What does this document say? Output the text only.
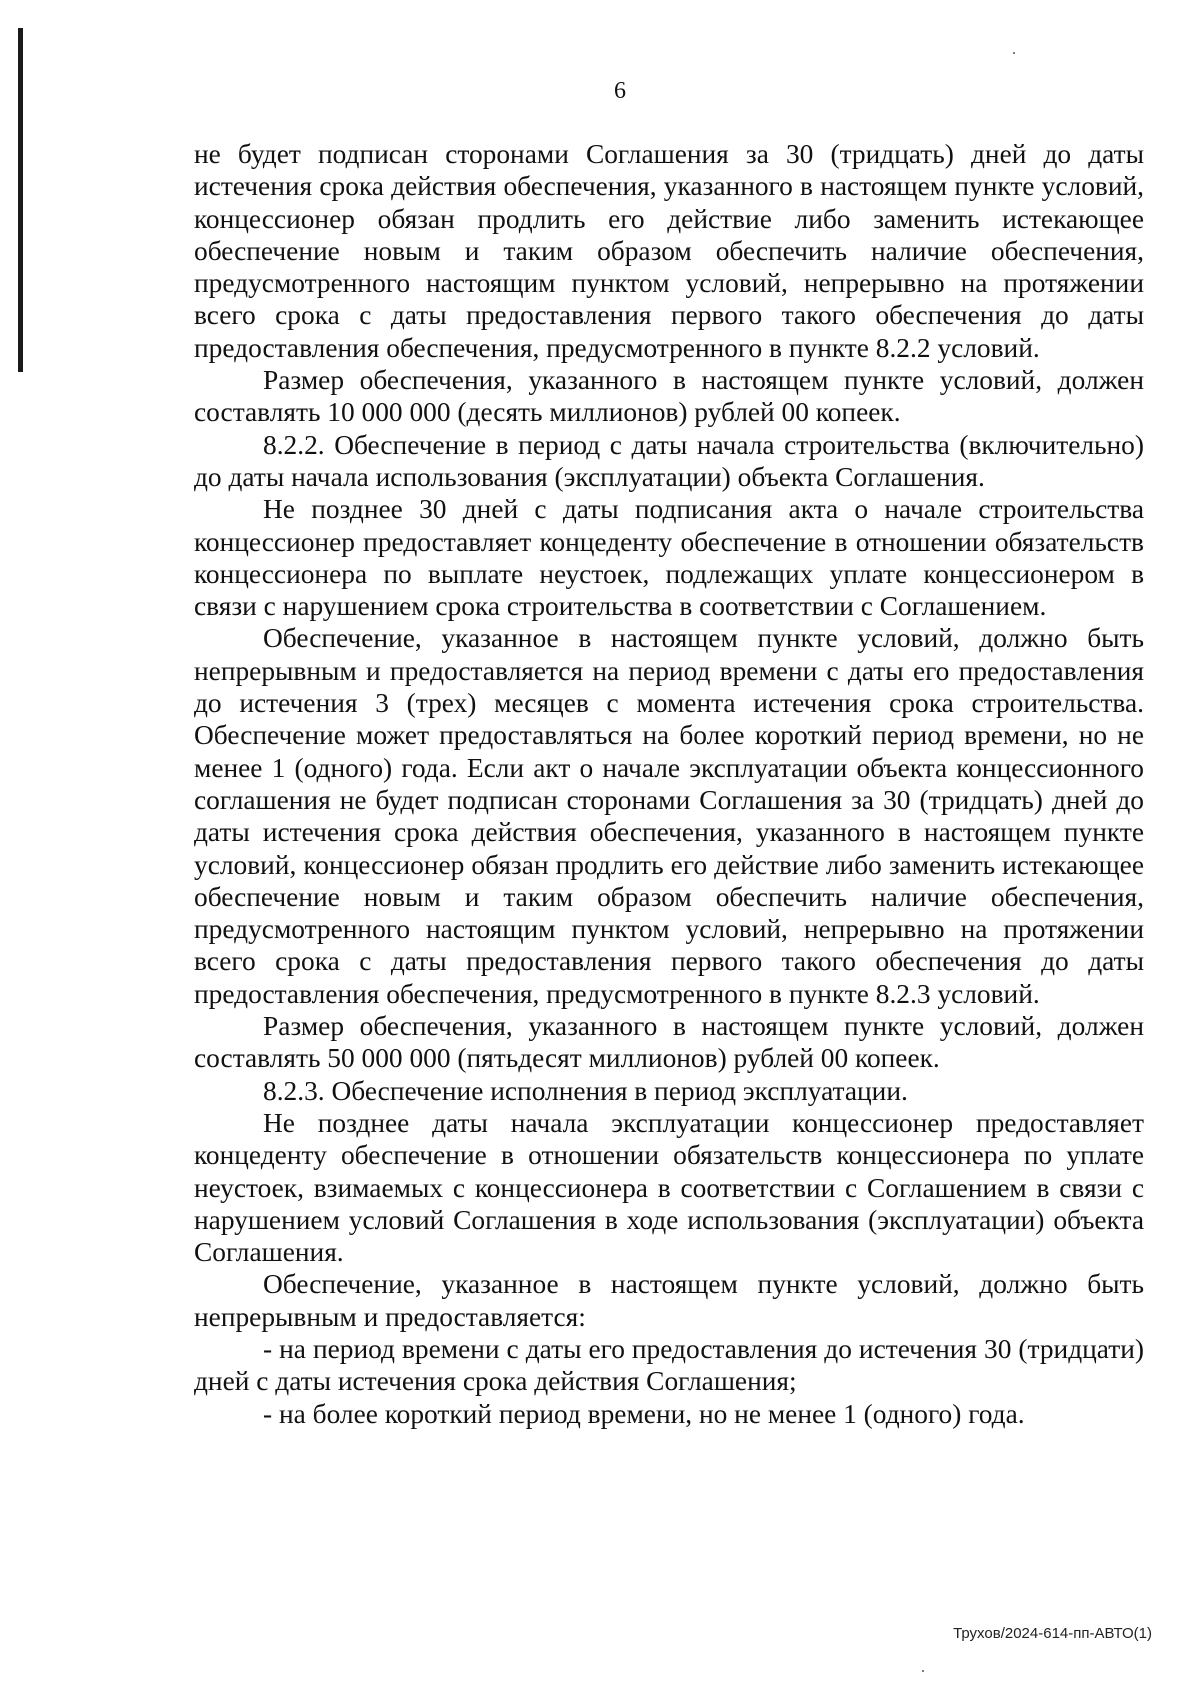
6

не будет подписан сторонами Соглашения за 30 (тридцать) дней до даты истечения срока действия обеспечения, указанного в настоящем пункте условий, концессионер обязан продлить его действие либо заменить истекающее обеспечение новым и таким образом обеспечить наличие обеспечения, предусмотренного настоящим пунктом условий, непрерывно на протяжении всего срока с даты предоставления первого такого обеспечения до даты предоставления обеспечения, предусмотренного в пункте 8.2.2 условий.

Размер обеспечения, указанного в настоящем пункте условий, должен составлять 10 000 000 (десять миллионов) рублей 00 копеек.

8.2.2. Обеспечение в период с даты начала строительства (включительно) до даты начала использования (эксплуатации) объекта Соглашения.

Не позднее 30 дней с даты подписания акта о начале строительства концессионер предоставляет концеденту обеспечение в отношении обязательств концессионера по выплате неустоек, подлежащих уплате концессионером в связи с нарушением срока строительства в соответствии с Соглашением.

Обеспечение, указанное в настоящем пункте условий, должно быть непрерывным и предоставляется на период времени с даты его предоставления до истечения 3 (трех) месяцев с момента истечения срока строительства. Обеспечение может предоставляться на более короткий период времени, но не менее 1 (одного) года. Если акт о начале эксплуатации объекта концессионного соглашения не будет подписан сторонами Соглашения за 30 (тридцать) дней до даты истечения срока действия обеспечения, указанного в настоящем пункте условий, концессионер обязан продлить его действие либо заменить истекающее обеспечение новым и таким образом обеспечить наличие обеспечения, предусмотренного настоящим пунктом условий, непрерывно на протяжении всего срока с даты предоставления первого такого обеспечения до даты предоставления обеспечения, предусмотренного в пункте 8.2.3 условий.

Размер обеспечения, указанного в настоящем пункте условий, должен составлять 50 000 000 (пятьдесят миллионов) рублей 00 копеек.

8.2.3. Обеспечение исполнения в период эксплуатации.

Не позднее даты начала эксплуатации концессионер предоставляет концеденту обеспечение в отношении обязательств концессионера по уплате неустоек, взимаемых с концессионера в соответствии с Соглашением в связи с нарушением условий Соглашения в ходе использования (эксплуатации) объекта Соглашения.

Обеспечение, указанное в настоящем пункте условий, должно быть непрерывным и предоставляется:

- на период времени с даты его предоставления до истечения 30 (тридцати) дней с даты истечения срока действия Соглашения;

- на более короткий период времени, но не менее 1 (одного) года.

Трухов/2024-614-пп-АВТО(1)
